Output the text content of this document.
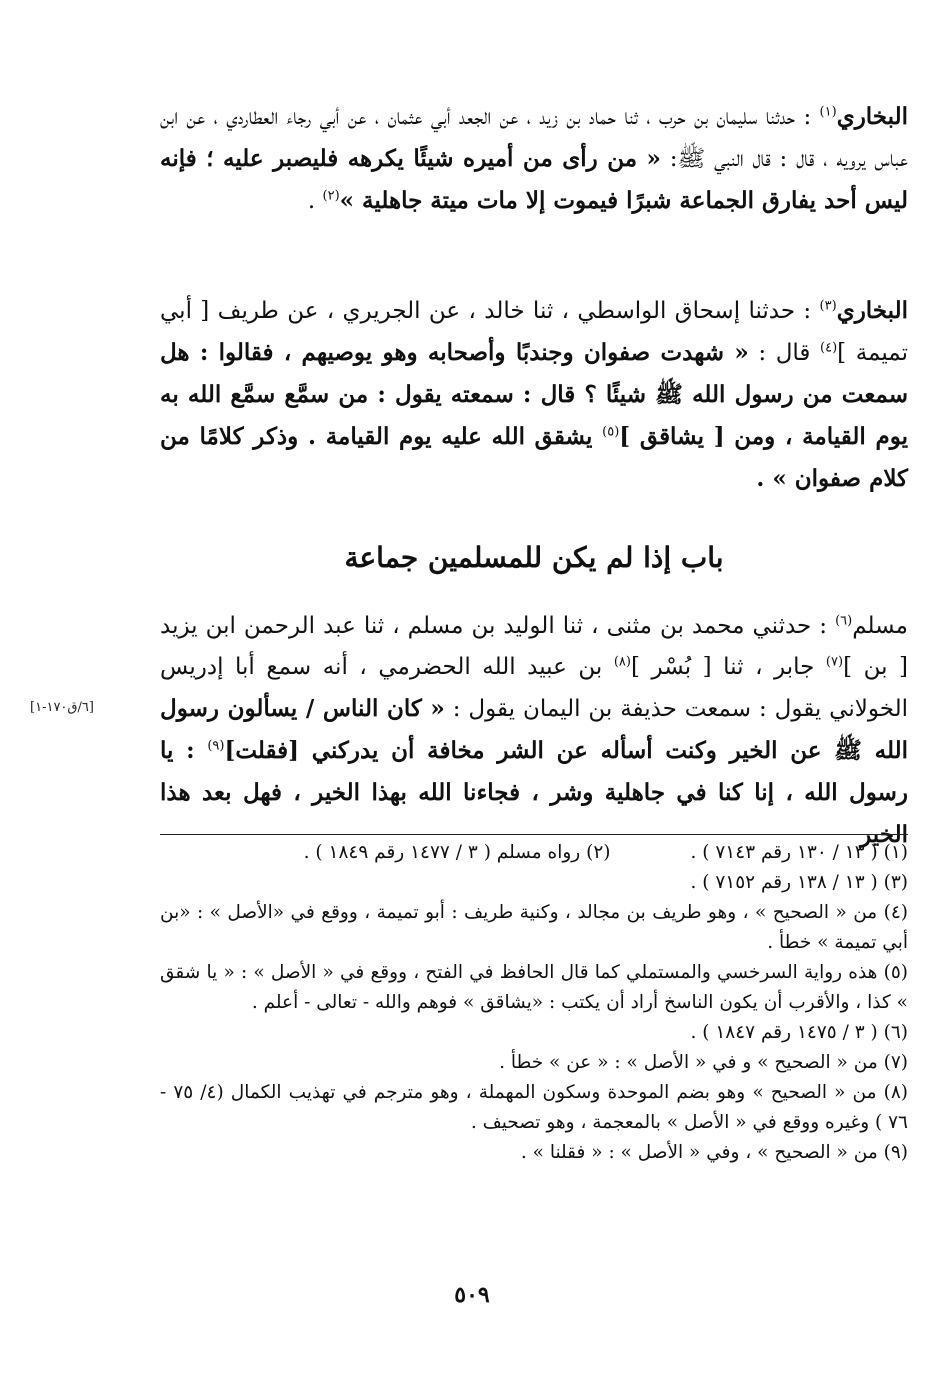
البخاري$^{(١)}$ : حدثنا سليمان بن حرب ، ثنا حماد بن زيد ، عن الجعد أبي عثمان ، عن أبي رجاء العطاردي ، عن ابن عباس يرويه ، قال : قال النبي ﷺ: « من رأى من أميره شيئًا يكرهه فليصبر عليه ؛ فإنه ليس أحد يفارق الجماعة شبرًا فيموت إلا مات ميتة جاهلية »$^{(٢)}$ .

البخاري$^{(٣)}$ : حدثنا إسحاق الواسطي ، ثنا خالد ، عن الجريري ، عن طريف [ أبي تميمة ]$^{(٤)}$ قال : « شهدت صفوان وجندبًا وأصحابه وهو يوصيهم ، فقالوا : هل سمعت من رسول الله ﷺ شيئًا ؟ قال : سمعته يقول : من سمَّع سمَّع الله به يوم القيامة ، ومن [ يشاقق ]$^{(٥)}$ يشقق الله عليه يوم القيامة . وذكر كلامًا من كلام صفوان » .

باب إذا لم يكن للمسلمين جماعة

مسلم$^{(٦)}$ : حدثني محمد بن مثنى ، ثنا الوليد بن مسلم ، ثنا عبد الرحمن ابن يزيد [ بن ]$^{(٧)}$ جابر ، ثنا [ بُسْر ]$^{(٨)}$ بن عبيد الله الحضرمي ، أنه سمع أبا إدريس الخولاني يقول : سمعت حذيفة بن اليمان يقول : « كان الناس / يسألون رسول الله ﷺ عن الخير وكنت أسأله عن الشر مخافة أن يدركني [فقلت]$^{(٩)}$ : يا رسول الله ، إنا كنا في جاهلية وشر ، فجاءنا الله بهذا الخير ، فهل بعد هذا الخير

[٦/ق١٧٠-١]

(١) ( ١٣ / ١٣٠ رقم ٧١٤٣ ) .

(٢) رواه مسلم ( ٣ / ١٤٧٧ رقم ١٨٤٩ ) .

(٣) ( ١٣ / ١٣٨ رقم ٧١٥٢ ) .

(٤) من « الصحيح » ، وهو طريف بن مجالد ، وكنية طريف : أبو تميمة ، ووقع في «الأصل » : «بن أبي تميمة » خطأ .

(٥) هذه رواية السرخسي والمستملي كما قال الحافظ في الفتح ، ووقع في « الأصل » : « يا شقق » كذا ، والأقرب أن يكون الناسخ أراد أن يكتب : «يشاقق » فوهم والله - تعالى - أعلم .

(٦) ( ٣ / ١٤٧٥ رقم ١٨٤٧ ) .

(٧) من « الصحيح » و في « الأصل » : « عن » خطأ .

(٨) من « الصحيح » وهو بضم الموحدة وسكون المهملة ، وهو مترجم في تهذيب الكمال (٤/ ٧٥ - ٧٦ ) وغيره ووقع في « الأصل » بالمعجمة ، وهو تصحيف .

(٩) من « الصحيح » ، وفي « الأصل » : « فقلنا » .

٥٠٩
